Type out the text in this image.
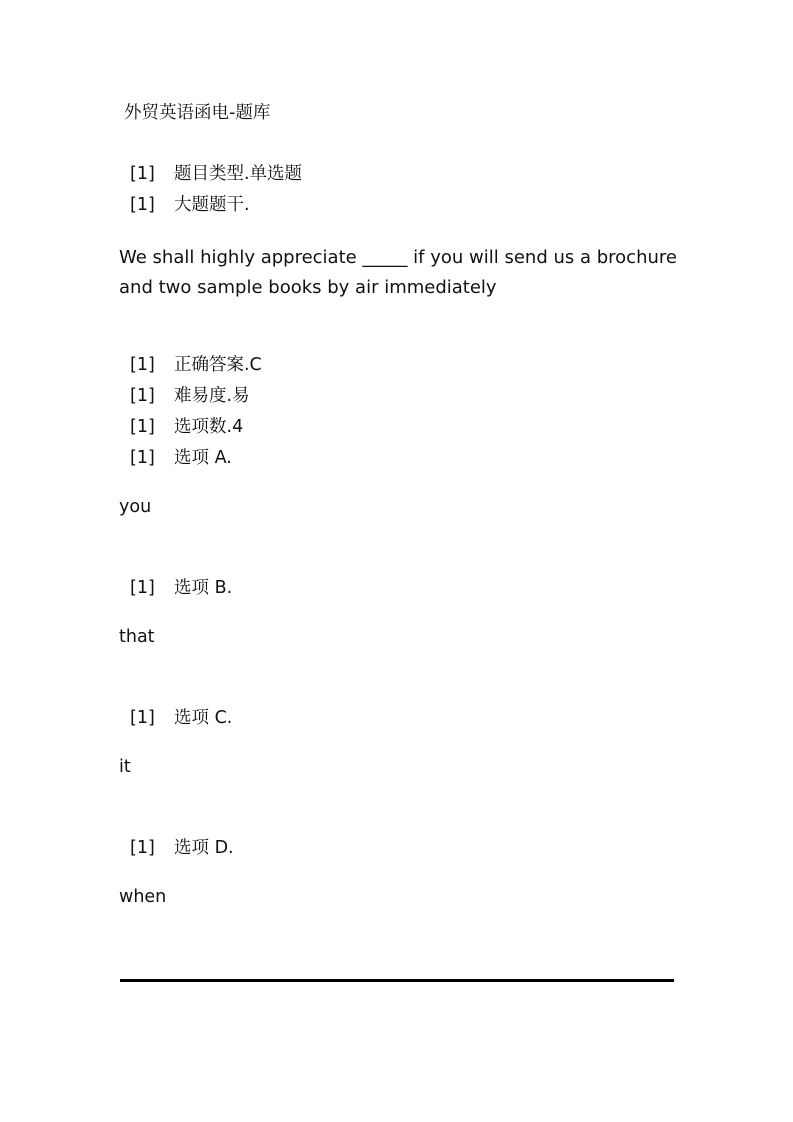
外贸英语函电-题库
[1] 题目类型.单选题
[1] 大题题干.
We shall highly appreciate _____ if you will send us a brochure and two sample books by air immediately
[1] 正确答案.C
[1] 难易度.易
[1] 选项数.4
[1] 选项 A.
you
[1] 选项 B.
that
[1] 选项 C.
it
[1] 选项 D.
when
